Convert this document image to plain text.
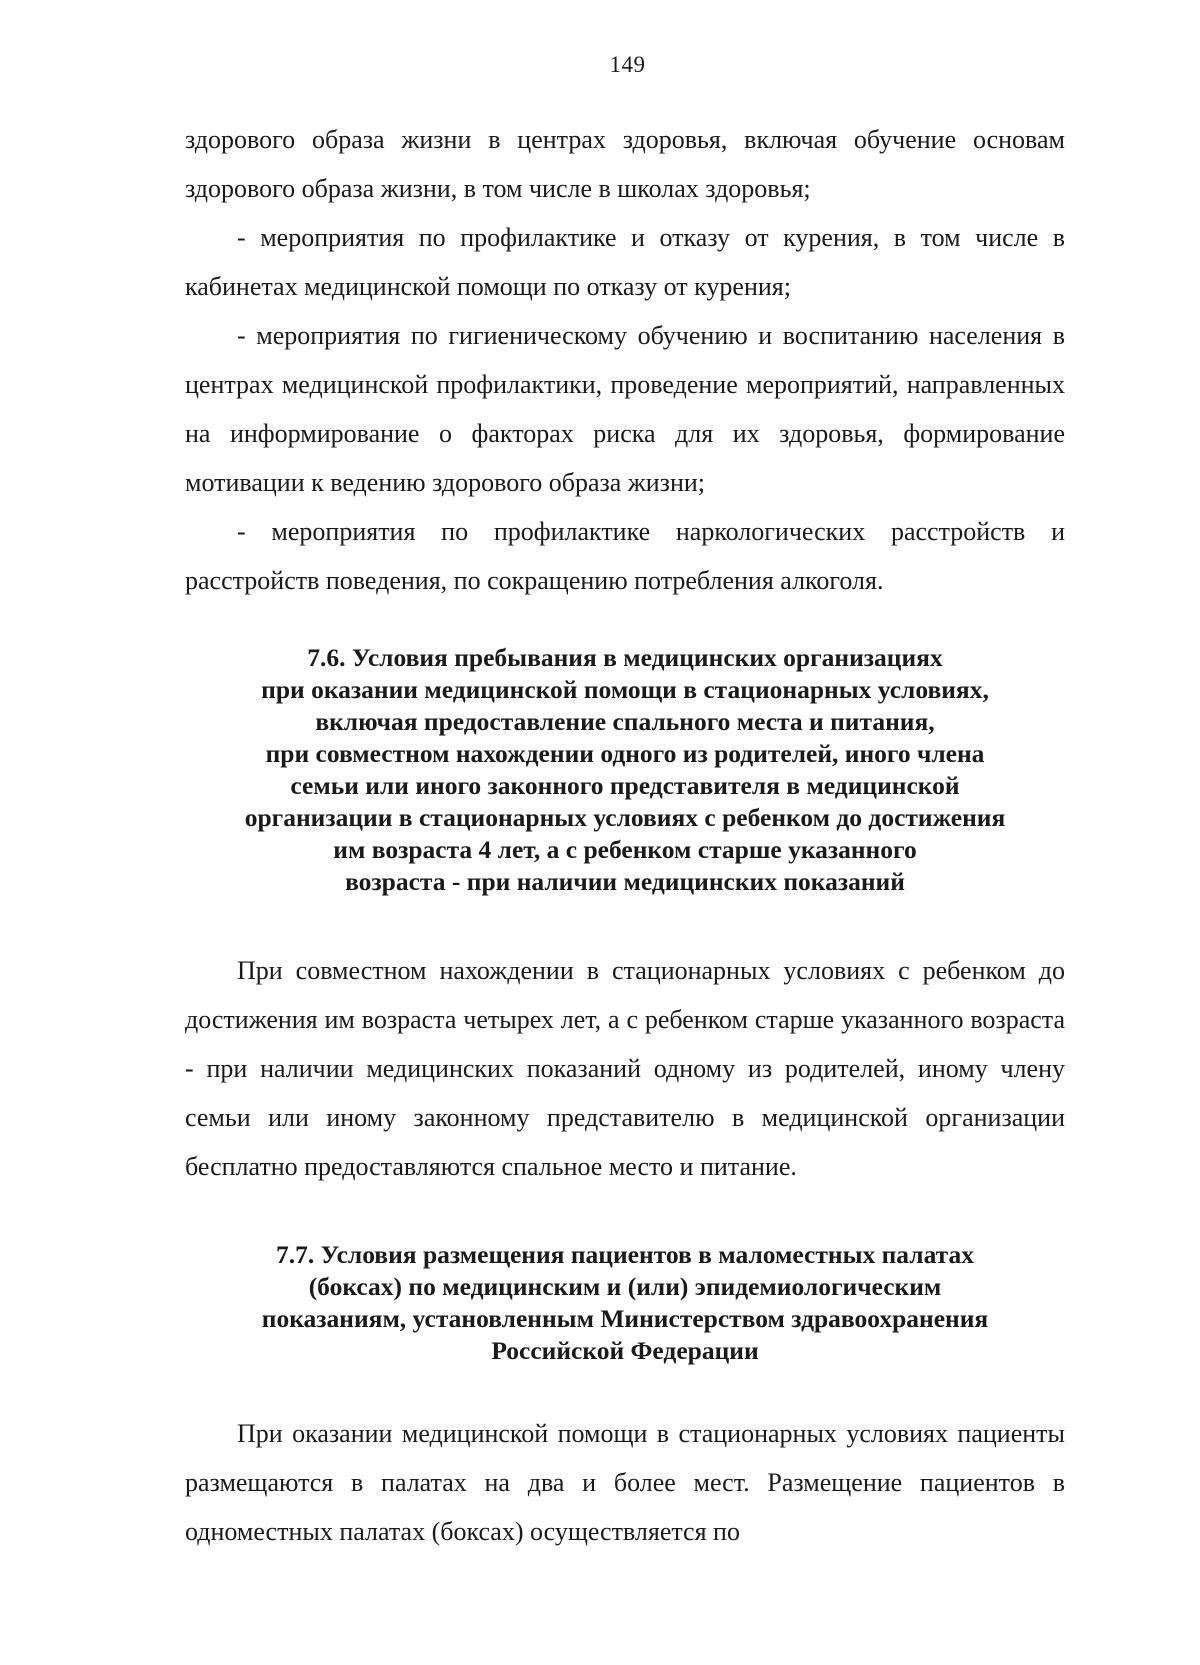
149

здорового образа жизни в центрах здоровья, включая обучение основам здорового образа жизни, в том числе в школах здоровья;

- мероприятия по профилактике и отказу от курения, в том числе в кабинетах медицинской помощи по отказу от курения;

- мероприятия по гигиеническому обучению и воспитанию населения в центрах медицинской профилактики, проведение мероприятий, направленных на информирование о факторах риска для их здоровья, формирование мотивации к ведению здорового образа жизни;

- мероприятия по профилактике наркологических расстройств и расстройств поведения, по сокращению потребления алкоголя.

7.6. Условия пребывания в медицинских организациях
при оказании медицинской помощи в стационарных условиях,
включая предоставление спального места и питания,
при совместном нахождении одного из родителей, иного члена
семьи или иного законного представителя в медицинской
организации в стационарных условиях с ребенком до достижения
им возраста 4 лет, а с ребенком старше указанного
возраста - при наличии медицинских показаний

При совместном нахождении в стационарных условиях с ребенком до достижения им возраста четырех лет, а с ребенком старше указанного возраста - при наличии медицинских показаний одному из родителей, иному члену семьи или иному законному представителю в медицинской организации бесплатно предоставляются спальное место и питание.

7.7. Условия размещения пациентов в маломестных палатах
(боксах) по медицинским и (или) эпидемиологическим
показаниям, установленным Министерством здравоохранения
Российской Федерации

При оказании медицинской помощи в стационарных условиях пациенты размещаются в палатах на два и более мест. Размещение пациентов в одноместных палатах (боксах) осуществляется по
